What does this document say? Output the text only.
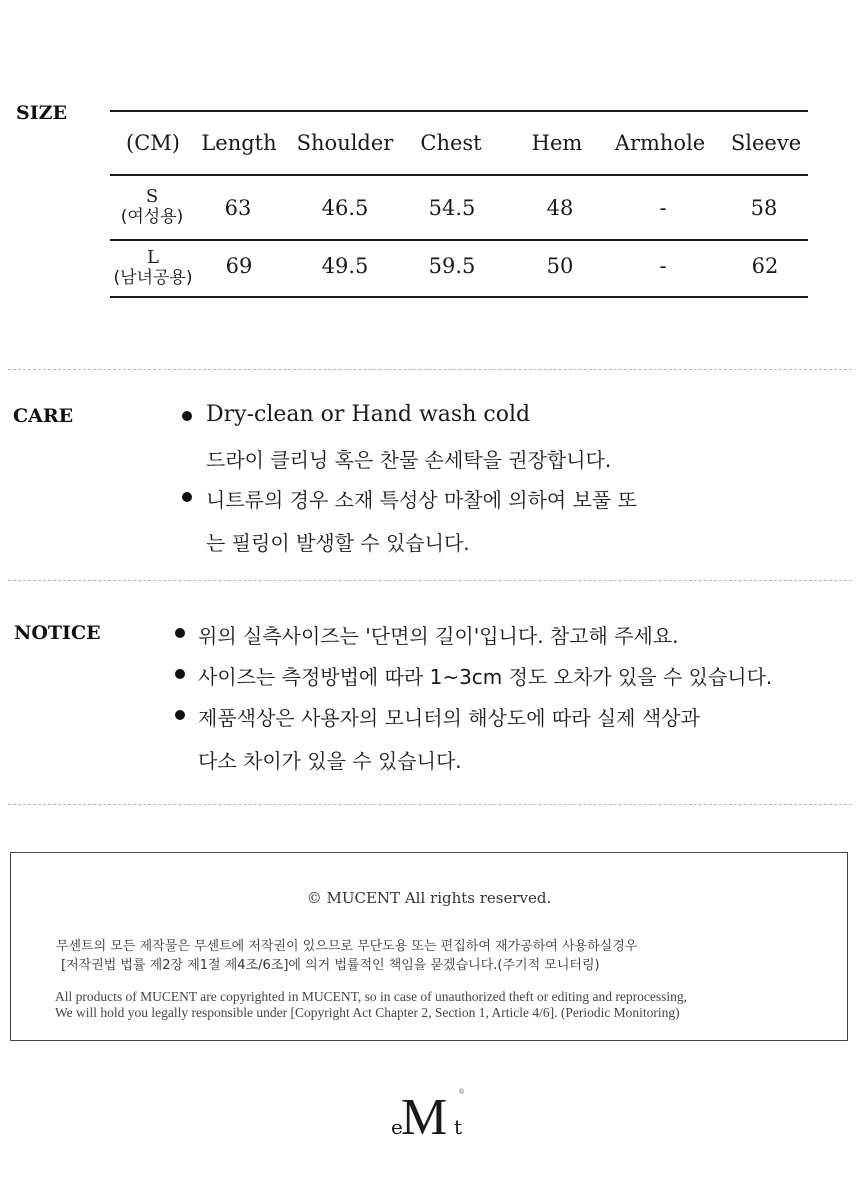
SIZE
(CM) Length Shoulder Chest Hem Armhole Sleeve
S
(여성용) 63	46.5	54.5	48	-	58
L
(남녀공용) 69	49.5	59.5	50	-	62
CARE	Dry-clean or Hand wash cold
드라이 클리닝 혹은 찬물 손세탁을 권장합니다.
니트류의 경우 소재 특성상 마찰에 의하여 보풀 또
는 필링이 발생할 수 있습니다.
NOTICE	위의 실측사이즈는 '단면의 길이'입니다. 참고해 주세요.
사이즈는 측정방법에 따라 1~3cm 정도 오차가 있을 수 있습니다.
제품색상은 사용자의 모니터의 해상도에 따라 실제 색상과
다소 차이가 있을 수 있습니다.
© MUCENT All rights reserved.
무센트의 모든 제작물은 무센트에 저작권이 있으므로 무단도용 또는 편집하여 재가공하여 사용하실경우
[저작권법 법률 제2장 제1절 제4조/6조]에 의거 법률적인 책임을 묻겠습니다.(주기적 모니터링)
All products of MUCENT are copyrighted in MUCENT, so in case of unauthorized theft or editing and reprocessing,
We will hold you legally responsible under [Copyright Act Chapter 2, Section 1, Article 4/6]. (Periodic Monitoring)
e
M t
®
